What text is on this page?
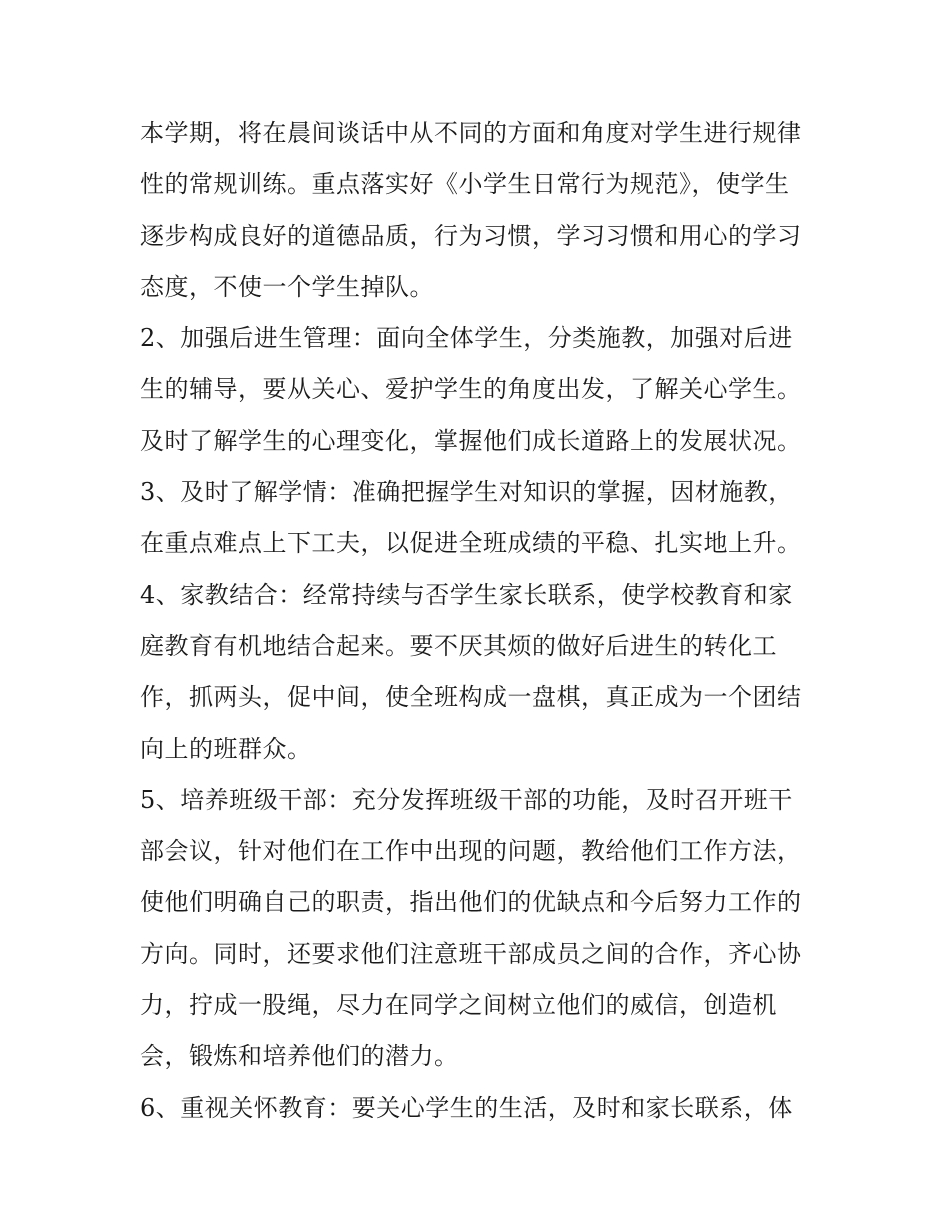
本学期，将在晨间谈话中从不同的方面和角度对学生进行规律
性的常规训练。重点落实好《小学生日常行为规范》，使学生
逐步构成良好的道德品质，行为习惯，学习习惯和用心的学习
态度，不使一个学生掉队。
2、加强后进生管理：面向全体学生，分类施教，加强对后进
生的辅导，要从关心、爱护学生的角度出发，了解关心学生。
及时了解学生的心理变化，掌握他们成长道路上的发展状况。
3、及时了解学情：准确把握学生对知识的掌握，因材施教，
在重点难点上下工夫，以促进全班成绩的平稳、扎实地上升。
4、家教结合：经常持续与否学生家长联系，使学校教育和家
庭教育有机地结合起来。要不厌其烦的做好后进生的转化工
作，抓两头，促中间，使全班构成一盘棋，真正成为一个团结
向上的班群众。
5、培养班级干部：充分发挥班级干部的功能，及时召开班干
部会议，针对他们在工作中出现的问题，教给他们工作方法，
使他们明确自己的职责，指出他们的优缺点和今后努力工作的
方向。同时，还要求他们注意班干部成员之间的合作，齐心协
力，拧成一股绳，尽力在同学之间树立他们的威信，创造机
会，锻炼和培养他们的潜力。
6、重视关怀教育：要关心学生的生活，及时和家长联系，体
